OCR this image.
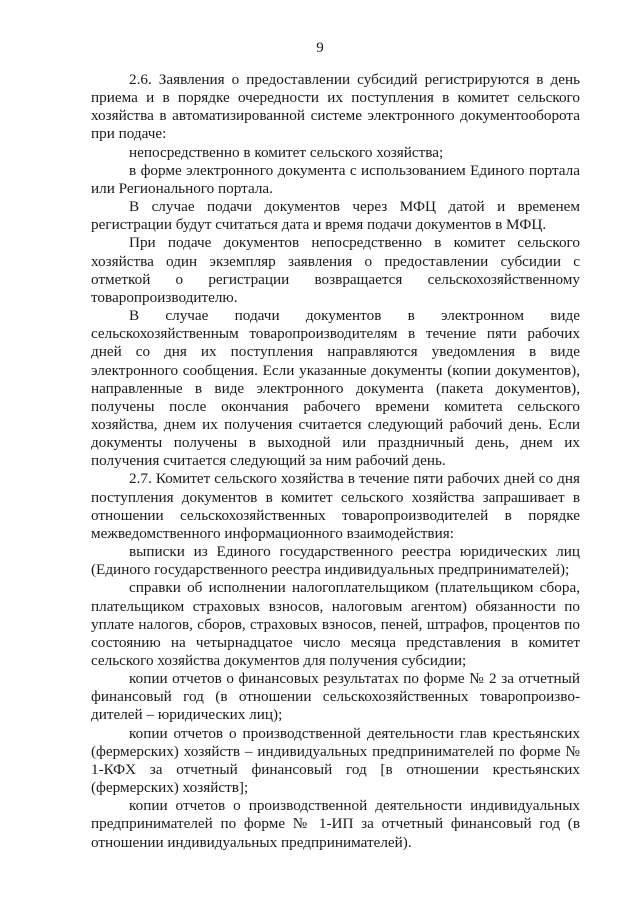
9

2.6. Заявления о предоставлении субсидий регистрируются в день приема и в порядке очередности их поступления в комитет сельского хозяйства в автоматизированной системе электронного документооборота при подаче:

непосредственно в комитет сельского хозяйства;

в форме электронного документа с использованием Единого портала или Регионального портала.

В случае подачи документов через МФЦ датой и временем регистрации будут считаться дата и время подачи документов в МФЦ.

При подаче документов непосредственно в комитет сельского хозяйства один экземпляр заявления о предоставлении субсидии с отметкой о регистрации возвращается сельскохозяйственному товаропроизводителю.

В случае подачи документов в электронном виде сельскохозяйственным товаропроизводителям в течение пяти рабочих дней со дня их поступления направляются уведомления в виде электронного сообщения. Если указанные документы (копии документов), направленные в виде электронного документа (пакета документов), получены после окончания рабочего времени комитета сельского хозяйства, днем их получения считается следующий рабочий день. Если документы получены в выходной или праздничный день, днем их получения считается следующий за ним рабочий день.

2.7. Комитет сельского хозяйства в течение пяти рабочих дней со дня поступления документов в комитет сельского хозяйства запрашивает в отношении сельскохозяйственных товаропроизводителей в порядке межведомственного информационного взаимодействия:

выписки из Единого государственного реестра юридических лиц (Единого государственного реестра индивидуальных предпринимателей);

справки об исполнении налогоплательщиком (плательщиком сбора, плательщиком страховых взносов, налоговым агентом) обязанности по уплате налогов, сборов, страховых взносов, пеней, штрафов, процентов по состоянию на четырнадцатое число месяца представления в комитет сельского хозяйства документов для получения субсидии;

копии отчетов о финансовых результатах по форме № 2 за отчетный финансовый год (в отношении сельскохозяйственных товаропроизводителей – юридических лиц);

копии отчетов о производственной деятельности глав крестьянских (фермерских) хозяйств – индивидуальных предпринимателей по форме № 1-КФХ за отчетный финансовый год [в отношении крестьянских (фермерских) хозяйств];

копии отчетов о производственной деятельности индивидуальных предпринимателей по форме № 1-ИП за отчетный финансовый год (в отношении индивидуальных предпринимателей).
